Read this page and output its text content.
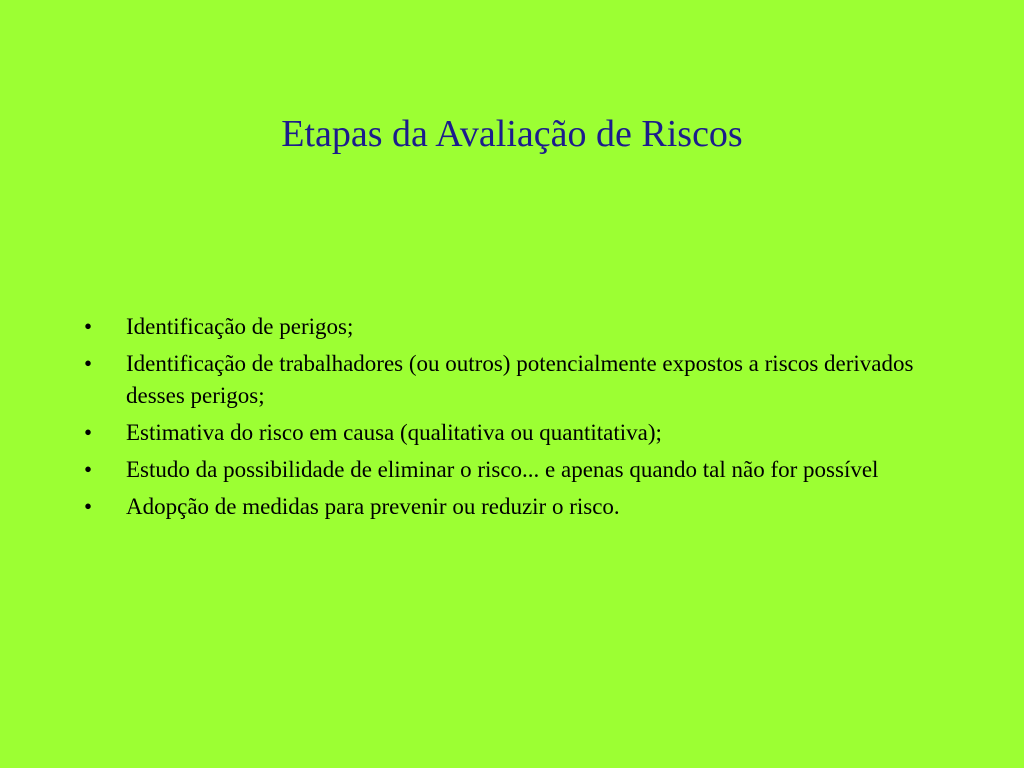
Etapas da Avaliação de Riscos
• Identificação de perigos;
• Identificação de trabalhadores (ou outros) potencialmente expostos a riscos derivados desses perigos;
• Estimativa do risco em causa (qualitativa ou quantitativa);
• Estudo da possibilidade de eliminar o risco... e apenas quando tal não for possível
• Adopção de medidas para prevenir ou reduzir o risco.
